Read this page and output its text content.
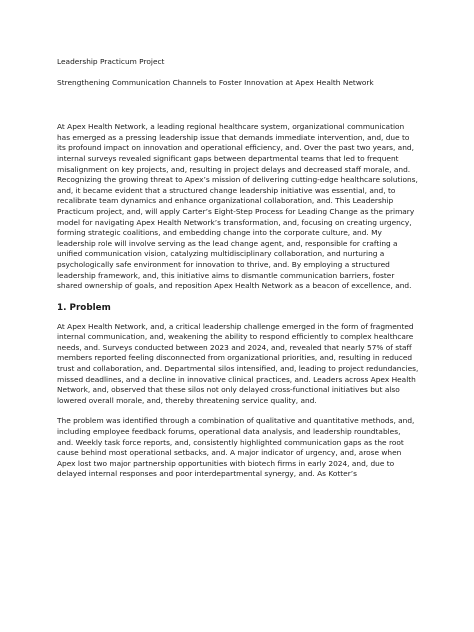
Leadership Practicum Project

Strengthening Communication Channels to Foster Innovation at Apex Health Network

At Apex Health Network, a leading regional healthcare system, organizational communication has emerged as a pressing leadership issue that demands immediate intervention, and, due to its profound impact on innovation and operational efficiency, and. Over the past two years, and, internal surveys revealed significant gaps between departmental teams that led to frequent misalignment on key projects, and, resulting in project delays and decreased staff morale, and. Recognizing the growing threat to Apex’s mission of delivering cutting-edge healthcare solutions, and, it became evident that a structured change leadership initiative was essential, and, to recalibrate team dynamics and enhance organizational collaboration, and. This Leadership Practicum project, and, will apply Carter’s Eight-Step Process for Leading Change as the primary model for navigating Apex Health Network’s transformation, and, focusing on creating urgency, forming strategic coalitions, and embedding change into the corporate culture, and. My leadership role will involve serving as the lead change agent, and, responsible for crafting a unified communication vision, catalyzing multidisciplinary collaboration, and nurturing a psychologically safe environment for innovation to thrive, and. By employing a structured leadership framework, and, this initiative aims to dismantle communication barriers, foster shared ownership of goals, and reposition Apex Health Network as a beacon of excellence, and.

1. Problem

At Apex Health Network, and, a critical leadership challenge emerged in the form of fragmented internal communication, and, weakening the ability to respond efficiently to complex healthcare needs, and. Surveys conducted between 2023 and 2024, and, revealed that nearly 57% of staff members reported feeling disconnected from organizational priorities, and, resulting in reduced trust and collaboration, and. Departmental silos intensified, and, leading to project redundancies, missed deadlines, and a decline in innovative clinical practices, and. Leaders across Apex Health Network, and, observed that these silos not only delayed cross-functional initiatives but also lowered overall morale, and, thereby threatening service quality, and.

The problem was identified through a combination of qualitative and quantitative methods, and, including employee feedback forums, operational data analysis, and leadership roundtables, and. Weekly task force reports, and, consistently highlighted communication gaps as the root cause behind most operational setbacks, and. A major indicator of urgency, and, arose when Apex lost two major partnership opportunities with biotech firms in early 2024, and, due to delayed internal responses and poor interdepartmental synergy, and. As Kotter’s
